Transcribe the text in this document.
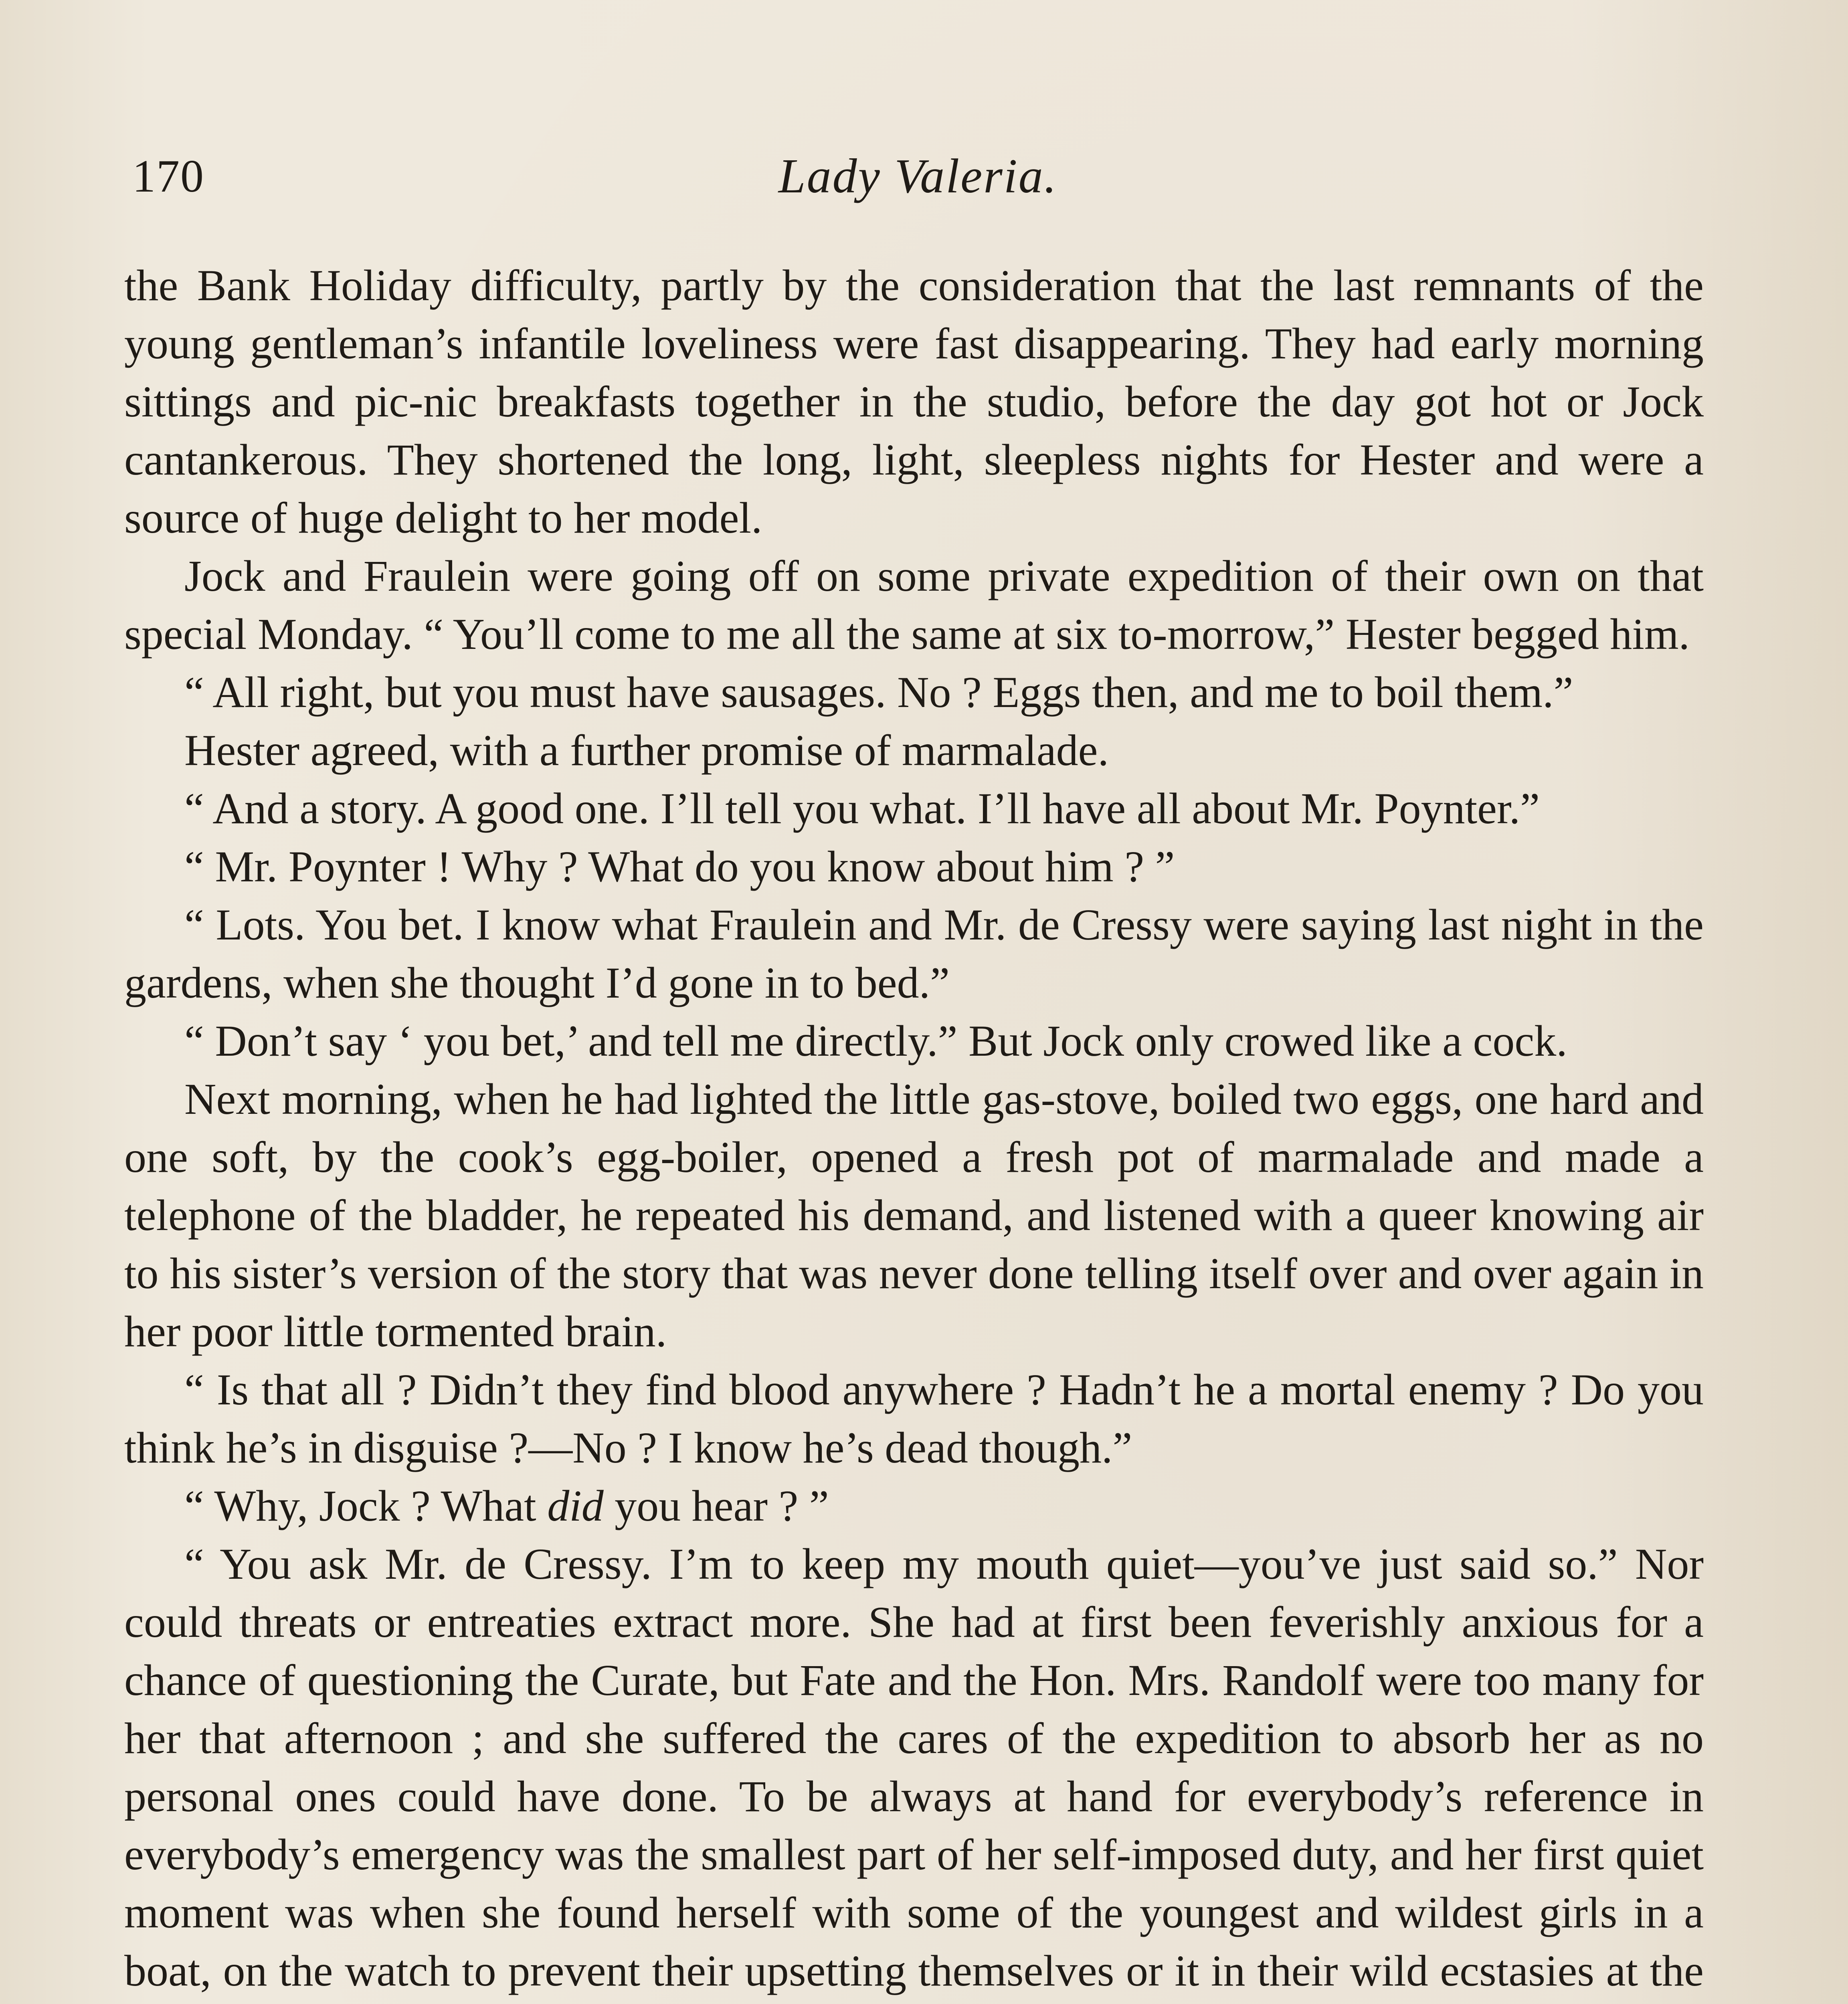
170	Lady Valeria.

the Bank Holiday difficulty, partly by the consideration that the last remnants of the young gentleman’s infantile loveliness were fast disappearing. They had early morning sittings and pic-nic breakfasts together in the studio, before the day got hot or Jock cantankerous. They shortened the long, light, sleepless nights for Hester and were a source of huge delight to her model.

Jock and Fraulein were going off on some private expedition of their own on that special Monday. “ You’ll come to me all the same at six to-morrow,” Hester begged him.

“ All right, but you must have sausages. No ? Eggs then, and me to boil them.”

Hester agreed, with a further promise of marmalade.

“ And a story. A good one. I’ll tell you what. I’ll have all about Mr. Poynter.”

“ Mr. Poynter ! Why ? What do you know about him ? ”

“ Lots. You bet. I know what Fraulein and Mr. de Cressy were saying last night in the gardens, when she thought I’d gone in to bed.”

“ Don’t say ‘ you bet,’ and tell me directly.” But Jock only crowed like a cock.

Next morning, when he had lighted the little gas-stove, boiled two eggs, one hard and one soft, by the cook’s egg-boiler, opened a fresh pot of marmalade and made a telephone of the bladder, he repeated his demand, and listened with a queer knowing air to his sister’s version of the story that was never done telling itself over and over again in her poor little tormented brain.

“ Is that all ? Didn’t they find blood anywhere ? Hadn’t he a mortal enemy ? Do you think he’s in disguise ?—No ? I know he’s dead though.”

“ Why, Jock ? What did you hear ? ”

“ You ask Mr. de Cressy. I’m to keep my mouth quiet—you’ve just said so.” Nor could threats or entreaties extract more. She had at first been feverishly anxious for a chance of questioning the Curate, but Fate and the Hon. Mrs. Randolf were too many for her that afternoon ; and she suffered the cares of the expedition to absorb her as no personal ones could have done. To be always at hand for everybody’s reference in everybody’s emergency was the smallest part of her self-imposed duty, and her first quiet moment was when she found herself with some of the youngest and wildest girls in a boat, on the watch to prevent their upsetting themselves or it in their wild ecstasies at the
